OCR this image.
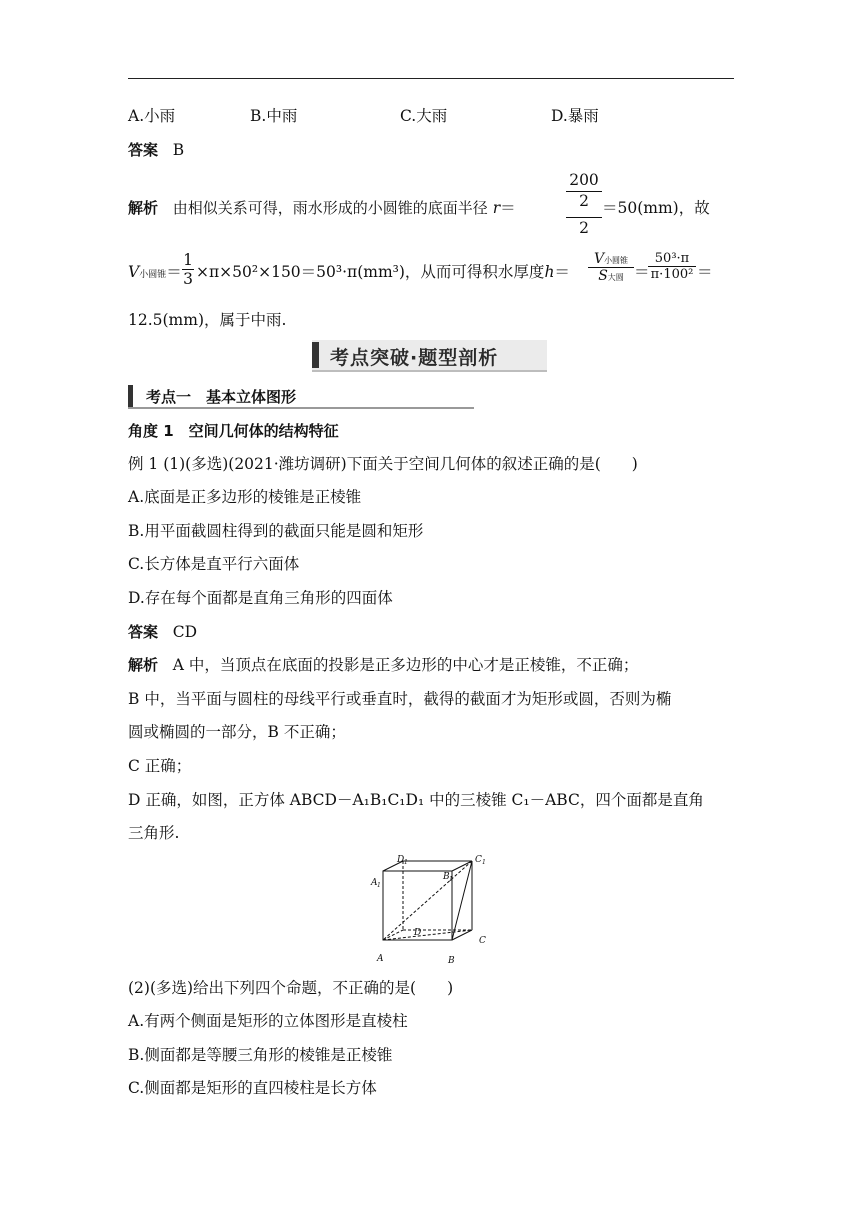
A.小雨	B.中雨	C.大雨	D.暴雨
答案 B
解析 由相似关系可得，雨水形成的小圆锥的底面半径 r＝	$\frac{200}{2}$
2
＝50(mm)，故
V小圆锥＝ $\frac{1}{3} \times\pi\times 50^2\times 150=50^3\cdot\pi(mm^3)$，从而可得积水厚度h＝
V小圆锥
S大圆 ＝
$\frac{\text{50³·π}}{\text{π·100²}}$ ＝
12.5(mm)，属于中雨.
考点突破·题型剖析
考点一　基本立体图形
角度 1　空间几何体的结构特征
例 1 (1)(多选)(2021·潍坊调研)下面关于空间几何体的叙述正确的是(　　)
A.底面是正多边形的棱锥是正棱锥
B.用平面截圆柱得到的截面只能是圆和矩形
C.长方体是直平行六面体
D.存在每个面都是直角三角形的四面体
答案 CD
解析 A 中，当顶点在底面的投影是正多边形的中心才是正棱锥，不正确；
B 中，当平面与圆柱的母线平行或垂直时，截得的截面才为矩形或圆，否则为椭
圆或椭圆的一部分，B 不正确；
C 正确；
D 正确，如图，正方体 ABCD－A₁B₁C₁D₁ 中的三棱锥 C₁－ABC，四个面都是直角
三角形.
D 1	C 1
A 1
B 1
D
A	B
C
(2)(多选)给出下列四个命题，不正确的是(　　)
A.有两个侧面是矩形的立体图形是直棱柱
B.侧面都是等腰三角形的棱锥是正棱锥
C.侧面都是矩形的直四棱柱是长方体
